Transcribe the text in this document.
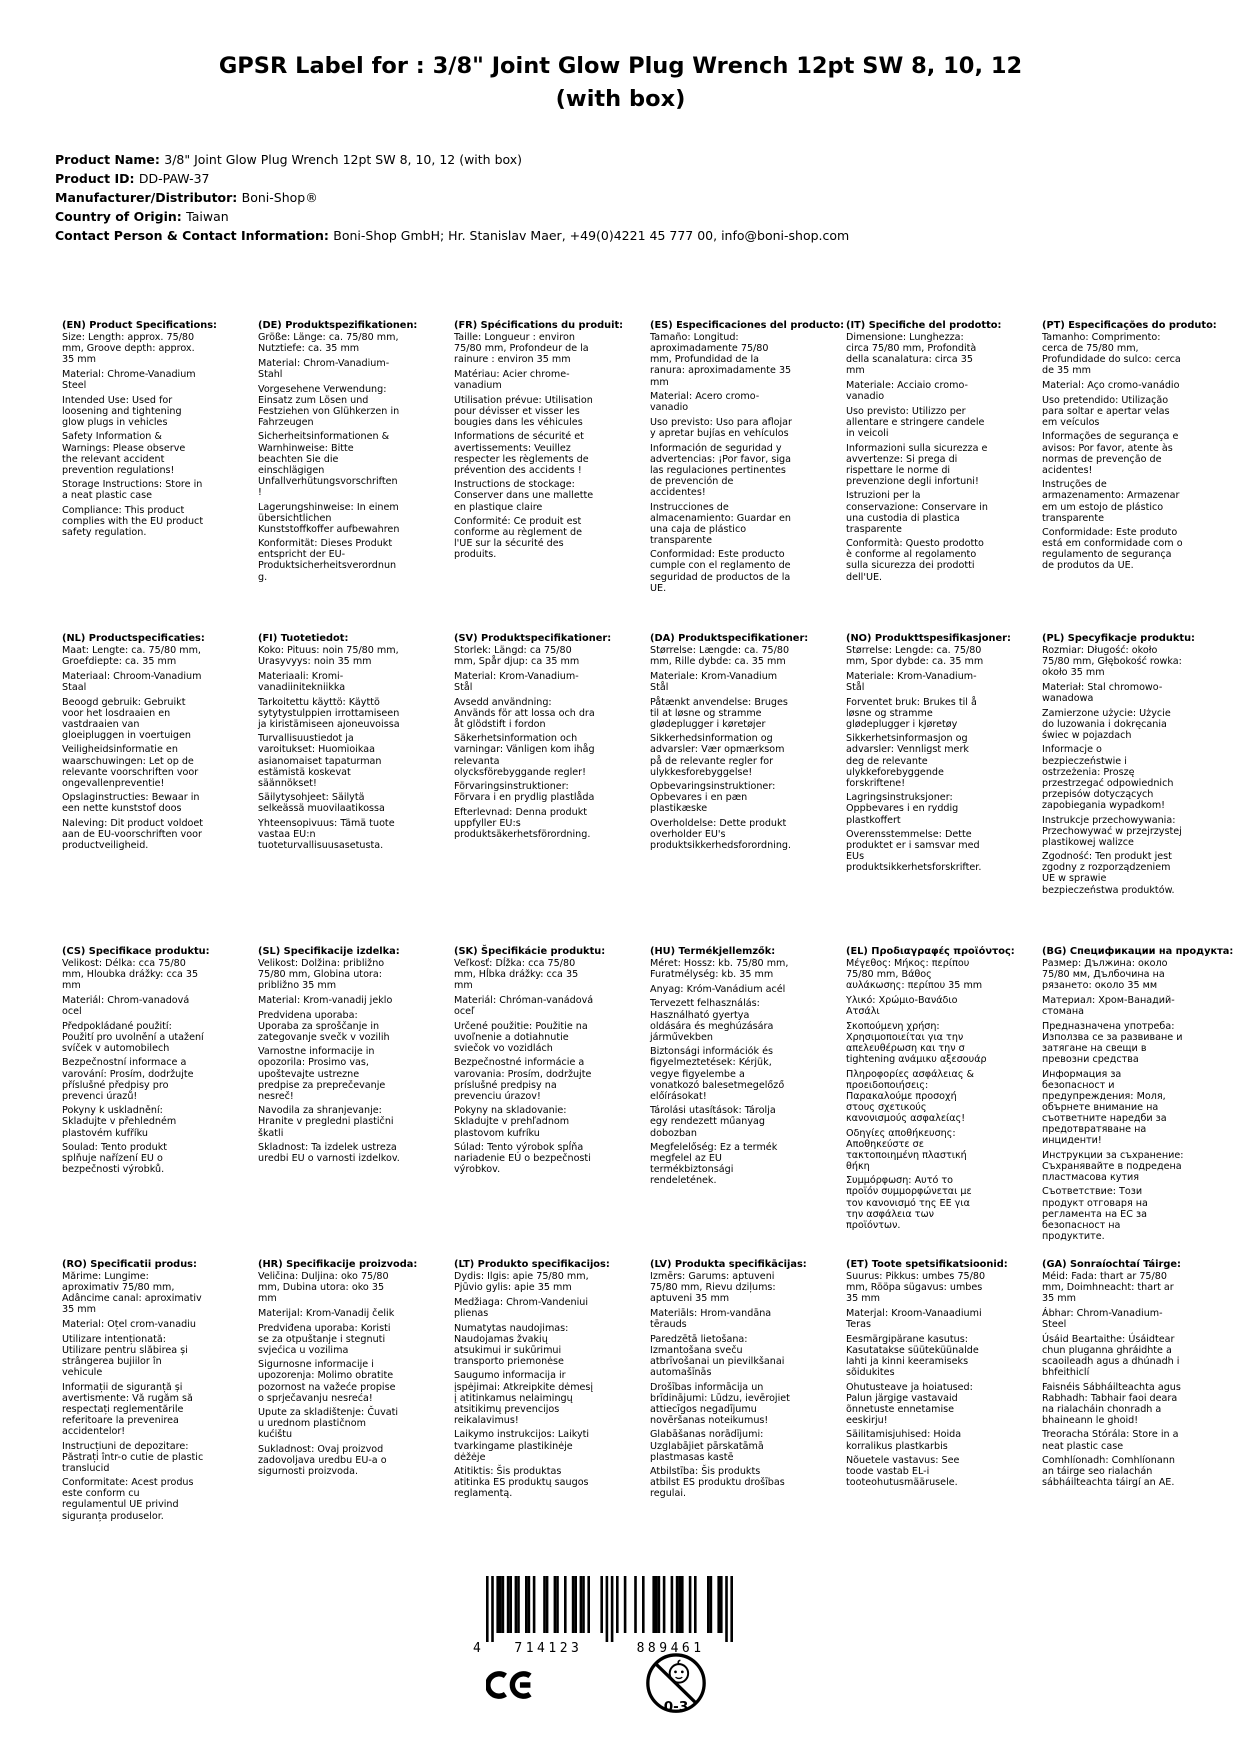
GPSR Label for : 3/8" Joint Glow Plug Wrench 12pt SW 8, 10, 12
(with box)
Product Name: 3/8" Joint Glow Plug Wrench 12pt SW 8, 10, 12 (with box)
Product ID: DD-PAW-37
Manufacturer/Distributor: Boni-Shop®
Country of Origin: Taiwan
Contact Person & Contact Information: Boni-Shop GmbH; Hr. Stanislav Maer, +49(0)4221 45 777 00, info@boni-shop.com
(EN) Product Specifications:
Size: Length: approx. 75/80 mm, Groove depth: approx. 35 mm
Material: Chrome-Vanadium Steel
Intended Use: Used for loosening and tightening glow plugs in vehicles
Safety Information & Warnings: Please observe the relevant accident prevention regulations!
Storage Instructions: Store in a neat plastic case
Compliance: This product complies with the EU product safety regulation.
(DE) Produktspezifikationen:
Größe: Länge: ca. 75/80 mm, Nutztiefe: ca. 35 mm
Material: Chrom-Vanadium-Stahl
Vorgesehene Verwendung: Einsatz zum Lösen und Festziehen von Glühkerzen in Fahrzeugen
Sicherheitsinformationen & Warnhinweise: Bitte beachten Sie die einschlägigen Unfallverhütungsvorschriften!
Lagerungshinweise: In einem übersichtlichen Kunststoffkoffer aufbewahren
Konformität: Dieses Produkt entspricht der EU-Produktsicherheitsverordnung.
(FR) Spécifications du produit:
Taille: Longueur : environ 75/80 mm, Profondeur de la rainure : environ 35 mm
Matériau: Acier chrome-vanadium
Utilisation prévue: Utilisation pour dévisser et visser les bougies dans les véhicules
Informations de sécurité et avertissements: Veuillez respecter les règlements de prévention des accidents !
Instructions de stockage: Conserver dans une mallette en plastique claire
Conformité: Ce produit est conforme au règlement de l'UE sur la sécurité des produits.
(ES) Especificaciones del producto:
Tamaño: Longitud: aproximadamente 75/80 mm, Profundidad de la ranura: aproximadamente 35 mm
Material: Acero cromo-vanadio
Uso previsto: Uso para aflojar y apretar bujías en vehículos
Información de seguridad y advertencias: ¡Por favor, siga las regulaciones pertinentes de prevención de accidentes!
Instrucciones de almacenamiento: Guardar en una caja de plástico transparente
Conformidad: Este producto cumple con el reglamento de seguridad de productos de la UE.
(IT) Specifiche del prodotto:
Dimensione: Lunghezza: circa 75/80 mm, Profondità della scanalatura: circa 35 mm
Materiale: Acciaio cromo-vanadio
Uso previsto: Utilizzo per allentare e stringere candele in veicoli
Informazioni sulla sicurezza e avvertenze: Si prega di rispettare le norme di prevenzione degli infortuni!
Istruzioni per la conservazione: Conservare in una custodia di plastica trasparente
Conformità: Questo prodotto è conforme al regolamento sulla sicurezza dei prodotti dell'UE.
(PT) Especificações do produto:
Tamanho: Comprimento: cerca de 75/80 mm, Profundidade do sulco: cerca de 35 mm
Material: Aço cromo-vanádio
Uso pretendido: Utilização para soltar e apertar velas em veículos
Informações de segurança e avisos: Por favor, atente às normas de prevenção de acidentes!
Instruções de armazenamento: Armazenar em um estojo de plástico transparente
Conformidade: Este produto está em conformidade com o regulamento de segurança de produtos da UE.
(NL) Productspecificaties:
Maat: Lengte: ca. 75/80 mm, Groefdiepte: ca. 35 mm
Materiaal: Chroom-Vanadium Staal
Beoogd gebruik: Gebruikt voor het losdraaien en vastdraaien van gloeipluggen in voertuigen
Veiligheidsinformatie en waarschuwingen: Let op de relevante voorschriften voor ongevallenpreventie!
Opslaginstructies: Bewaar in een nette kunststof doos
Naleving: Dit product voldoet aan de EU-voorschriften voor productveiligheid.
(FI) Tuotetiedot:
Koko: Pituus: noin 75/80 mm, Urasyvyys: noin 35 mm
Materiaali: Kromi-vanadiinitekniikka
Tarkoitettu käyttö: Käyttö sytytystulppien irrottamiseen ja kiristämiseen ajoneuvoissa
Turvallisuustiedot ja varoitukset: Huomioikaa asianomaiset tapaturman estämistä koskevat säännökset!
Säilytysohjeet: Säilytä selkeässä muovilaatikossa
Yhteensopivuus: Tämä tuote vastaa EU:n tuoteturvallisuusasetusta.
(SV) Produktspecifikationer:
Storlek: Längd: ca 75/80 mm, Spår djup: ca 35 mm
Material: Krom-Vanadium-Stål
Avsedd användning: Används för att lossa och dra åt glödstift i fordon
Säkerhetsinformation och varningar: Vänligen kom ihåg relevanta olycksförebyggande regler!
Förvaringsinstruktioner: Förvara i en prydlig plastlåda
Efterlevnad: Denna produkt uppfyller EU:s produktsäkerhetsförordning.
(DA) Produktspecifikationer:
Størrelse: Længde: ca. 75/80 mm, Rille dybde: ca. 35 mm
Materiale: Krom-Vanadium Stål
Påtænkt anvendelse: Bruges til at løsne og stramme glødeplugger i køretøjer
Sikkerhedsinformation og advarsler: Vær opmærksom på de relevante regler for ulykkesforebyggelse!
Opbevaringsinstruktioner: Opbevares i en pæn plastikæske
Overholdelse: Dette produkt overholder EU's produktsikkerhedsforordning.
(NO) Produkttspesifikasjoner:
Størrelse: Lengde: ca. 75/80 mm, Spor dybde: ca. 35 mm
Materiale: Krom-Vanadium-Stål
Forventet bruk: Brukes til å løsne og stramme glødeplugger i kjøretøy
Sikkerhetsinformasjon og advarsler: Vennligst merk deg de relevante ulykkeforebyggende forskriftene!
Lagringsinstruksjoner: Oppbevares i en ryddig plastkoffert
Overensstemmelse: Dette produktet er i samsvar med EUs produktsikkerhetsforskrifter.
(PL) Specyfikacje produktu:
Rozmiar: Długość: około 75/80 mm, Głębokość rowka: około 35 mm
Materiał: Stal chromowo-wanadowa
Zamierzone użycie: Użycie do luzowania i dokręcania świec w pojazdach
Informacje o bezpieczeństwie i ostrzeżenia: Proszę przestrzegać odpowiednich przepisów dotyczących zapobiegania wypadkom!
Instrukcje przechowywania: Przechowywać w przejrzystej plastikowej walizce
Zgodność: Ten produkt jest zgodny z rozporządzeniem UE w sprawie bezpieczeństwa produktów.
(CS) Specifikace produktu:
Velikost: Délka: cca 75/80 mm, Hloubka drážky: cca 35 mm
Materiál: Chrom-vanadová ocel
Předpokládané použití: Použití pro uvolnění a utažení svíček v automobilech
Bezpečnostní informace a varování: Prosím, dodržujte příslušné předpisy pro prevenci úrazů!
Pokyny k uskladnění: Skladujte v přehledném plastovém kufříku
Soulad: Tento produkt splňuje nařízení EU o bezpečnosti výrobků.
(SL) Specifikacije izdelka:
Velikost: Dolžina: približno 75/80 mm, Globina utora: približno 35 mm
Material: Krom-vanadij jeklo
Predvidena uporaba: Uporaba za sproščanje in zategovanje svečk v vozilih
Varnostne informacije in opozorila: Prosimo vas, upoštevajte ustrezne predpise za preprečevanje nesreč!
Navodila za shranjevanje: Hranite v pregledni plastični škatli
Skladnost: Ta izdelek ustreza uredbi EU o varnosti izdelkov.
(SK) Špecifikácie produktu:
Veľkosť: Dĺžka: cca 75/80 mm, Hĺbka drážky: cca 35 mm
Materiál: Chróman-vanádová oceľ
Určené použitie: Použitie na uvoľnenie a dotiahnutie sviečok vo vozidlách
Bezpečnostné informácie a varovania: Prosím, dodržujte príslušné predpisy na prevenciu úrazov!
Pokyny na skladovanie: Skladujte v prehľadnom plastovom kufríku
Súlad: Tento výrobok spĺňa nariadenie EÚ o bezpečnosti výrobkov.
(HU) Termékjellemzők:
Méret: Hossz: kb. 75/80 mm, Furatmélység: kb. 35 mm
Anyag: Króm-Vanádium acél
Tervezett felhasználás: Használható gyertya oldására és meghúzására járművekben
Biztonsági információk és figyelmeztetések: Kérjük, vegye figyelembe a vonatkozó balesetmegelőző előírásokat!
Tárolási utasítások: Tárolja egy rendezett műanyag dobozban
Megfelelőség: Ez a termék megfelel az EU termékbiztonsági rendeletének.
(EL) Προδιαγραφές προϊόντος:
Μέγεθος: Μήκος: περίπου 75/80 mm, Βάθος αυλάκωσης: περίπου 35 mm
Υλικό: Χρώμιο-Βανάδιο Ατσάλι
Σκοπούμενη χρήση: Χρησιμοποιείται για την απελευθέρωση και την σ tightening ανάμικυ αξεσουάρ
Πληροφορίες ασφάλειας & προειδοποιήσεις: Παρακαλούμε προσοχή στους σχετικούς κανονισμούς ασφαλείας!
Οδηγίες αποθήκευσης: Αποθηκεύστε σε τακτοποιημένη πλαστική θήκη
Συμμόρφωση: Αυτό το προϊόν συμμορφώνεται με τον κανονισμό της ΕΕ για την ασφάλεια των προϊόντων.
(BG) Спецификации на продукта:
Размер: Дължина: около 75/80 мм, Дълбочина на рязането: около 35 мм
Материал: Хром-Ванадий-стомана
Предназначена употреба: Използва се за развиване и затягане на свещи в превозни средства
Информация за безопасност и предупреждения: Моля, обърнете внимание на съответните наредби за предотвратяване на инциденти!
Инструкции за съхранение: Съхранявайте в подредена пластмасова кутия
Съответствие: Този продукт отговаря на регламента на ЕС за безопасност на продуктите.
(RO) Specificatii produs:
Mărime: Lungime: aproximativ 75/80 mm, Adâncime canal: aproximativ 35 mm
Material: Oțel crom-vanadiu
Utilizare intenționată: Utilizare pentru slăbirea și strângerea bujiilor în vehicule
Informații de siguranță și avertismente: Vă rugăm să respectați reglementările referitoare la prevenirea accidentelor!
Instrucțiuni de depozitare: Păstrați într-o cutie de plastic translucid
Conformitate: Acest produs este conform cu regulamentul UE privind siguranța produselor.
(HR) Specifikacije proizvoda:
Veličina: Duljina: oko 75/80 mm, Dubina utora: oko 35 mm
Materijal: Krom-Vanadij čelik
Predviđena uporaba: Koristi se za otpuštanje i stegnuti svjećica u vozilima
Sigurnosne informacije i upozorenja: Molimo obratite pozornost na važeće propise o sprječavanju nesreća!
Upute za skladištenje: Čuvati u urednom plastičnom kućištu
Sukladnost: Ovaj proizvod zadovoljava uredbu EU-a o sigurnosti proizvoda.
(LT) Produkto specifikacijos:
Dydis: Ilgis: apie 75/80 mm, Pjūvio gylis: apie 35 mm
Medžiaga: Chrom-Vandeniui plienas
Numatytas naudojimas: Naudojamas žvakių atsukimui ir sukūrimui transporto priemonėse
Saugumo informacija ir įspėjimai: Atkreipkite dėmesį į atitinkamus nelaimingų atsitikimų prevencijos reikalavimus!
Laikymo instrukcijos: Laikyti tvarkingame plastikinėje dėžėje
Atitiktis: Šis produktas atitinka ES produktų saugos reglamentą.
(LV) Produkta specifikācijas:
Izmērs: Garums: aptuveni 75/80 mm, Rievu dziļums: aptuveni 35 mm
Materiāls: Hrom-vandāna tērauds
Paredzētā lietošana: Izmantošana sveču atbrīvošanai un pievilkšanai automašīnās
Drošības informācija un brīdinājumi: Lūdzu, ievērojiet attiecīgos negadījumu novēršanas noteikumus!
Glabāšanas norādījumi: Uzglabājiet pārskatāmā plastmasas kastē
Atbilstība: Šis produkts atbilst ES produktu drošības regulai.
(ET) Toote spetsifikatsioonid:
Suurus: Pikkus: umbes 75/80 mm, Rööpa sügavus: umbes 35 mm
Materjal: Kroom-Vanaadiumi Teras
Eesmärgipärane kasutus: Kasutatakse süüteküünalde lahti ja kinni keeramiseks sõidukites
Ohutusteave ja hoiatused: Palun järgige vastavaid õnnetuste ennetamise eeskirju!
Säilitamisjuhised: Hoida korralikus plastkarbis
Nõuetele vastavus: See toode vastab EL-i tooteohutusmäärusele.
(GA) Sonraíochtaí Táirge:
Méid: Fada: thart ar 75/80 mm, Doimhneacht: thart ar 35 mm
Ábhar: Chrom-Vanadium-Steel
Úsáid Beartaithe: Úsáidtear chun pluganna ghráidhte a scaoileadh agus a dhúnadh i bhfeithiclí
Faisnéis Sábháilteachta agus Rabhadh: Tabhair faoi deara na rialacháin chonradh a bhaineann le ghoid!
Treoracha Stórála: Store in a neat plastic case
Comhlíonadh: Comhlíonann an táirge seo rialachán sábháilteachta táirgí an AE.
4 714123	889461
0-3
